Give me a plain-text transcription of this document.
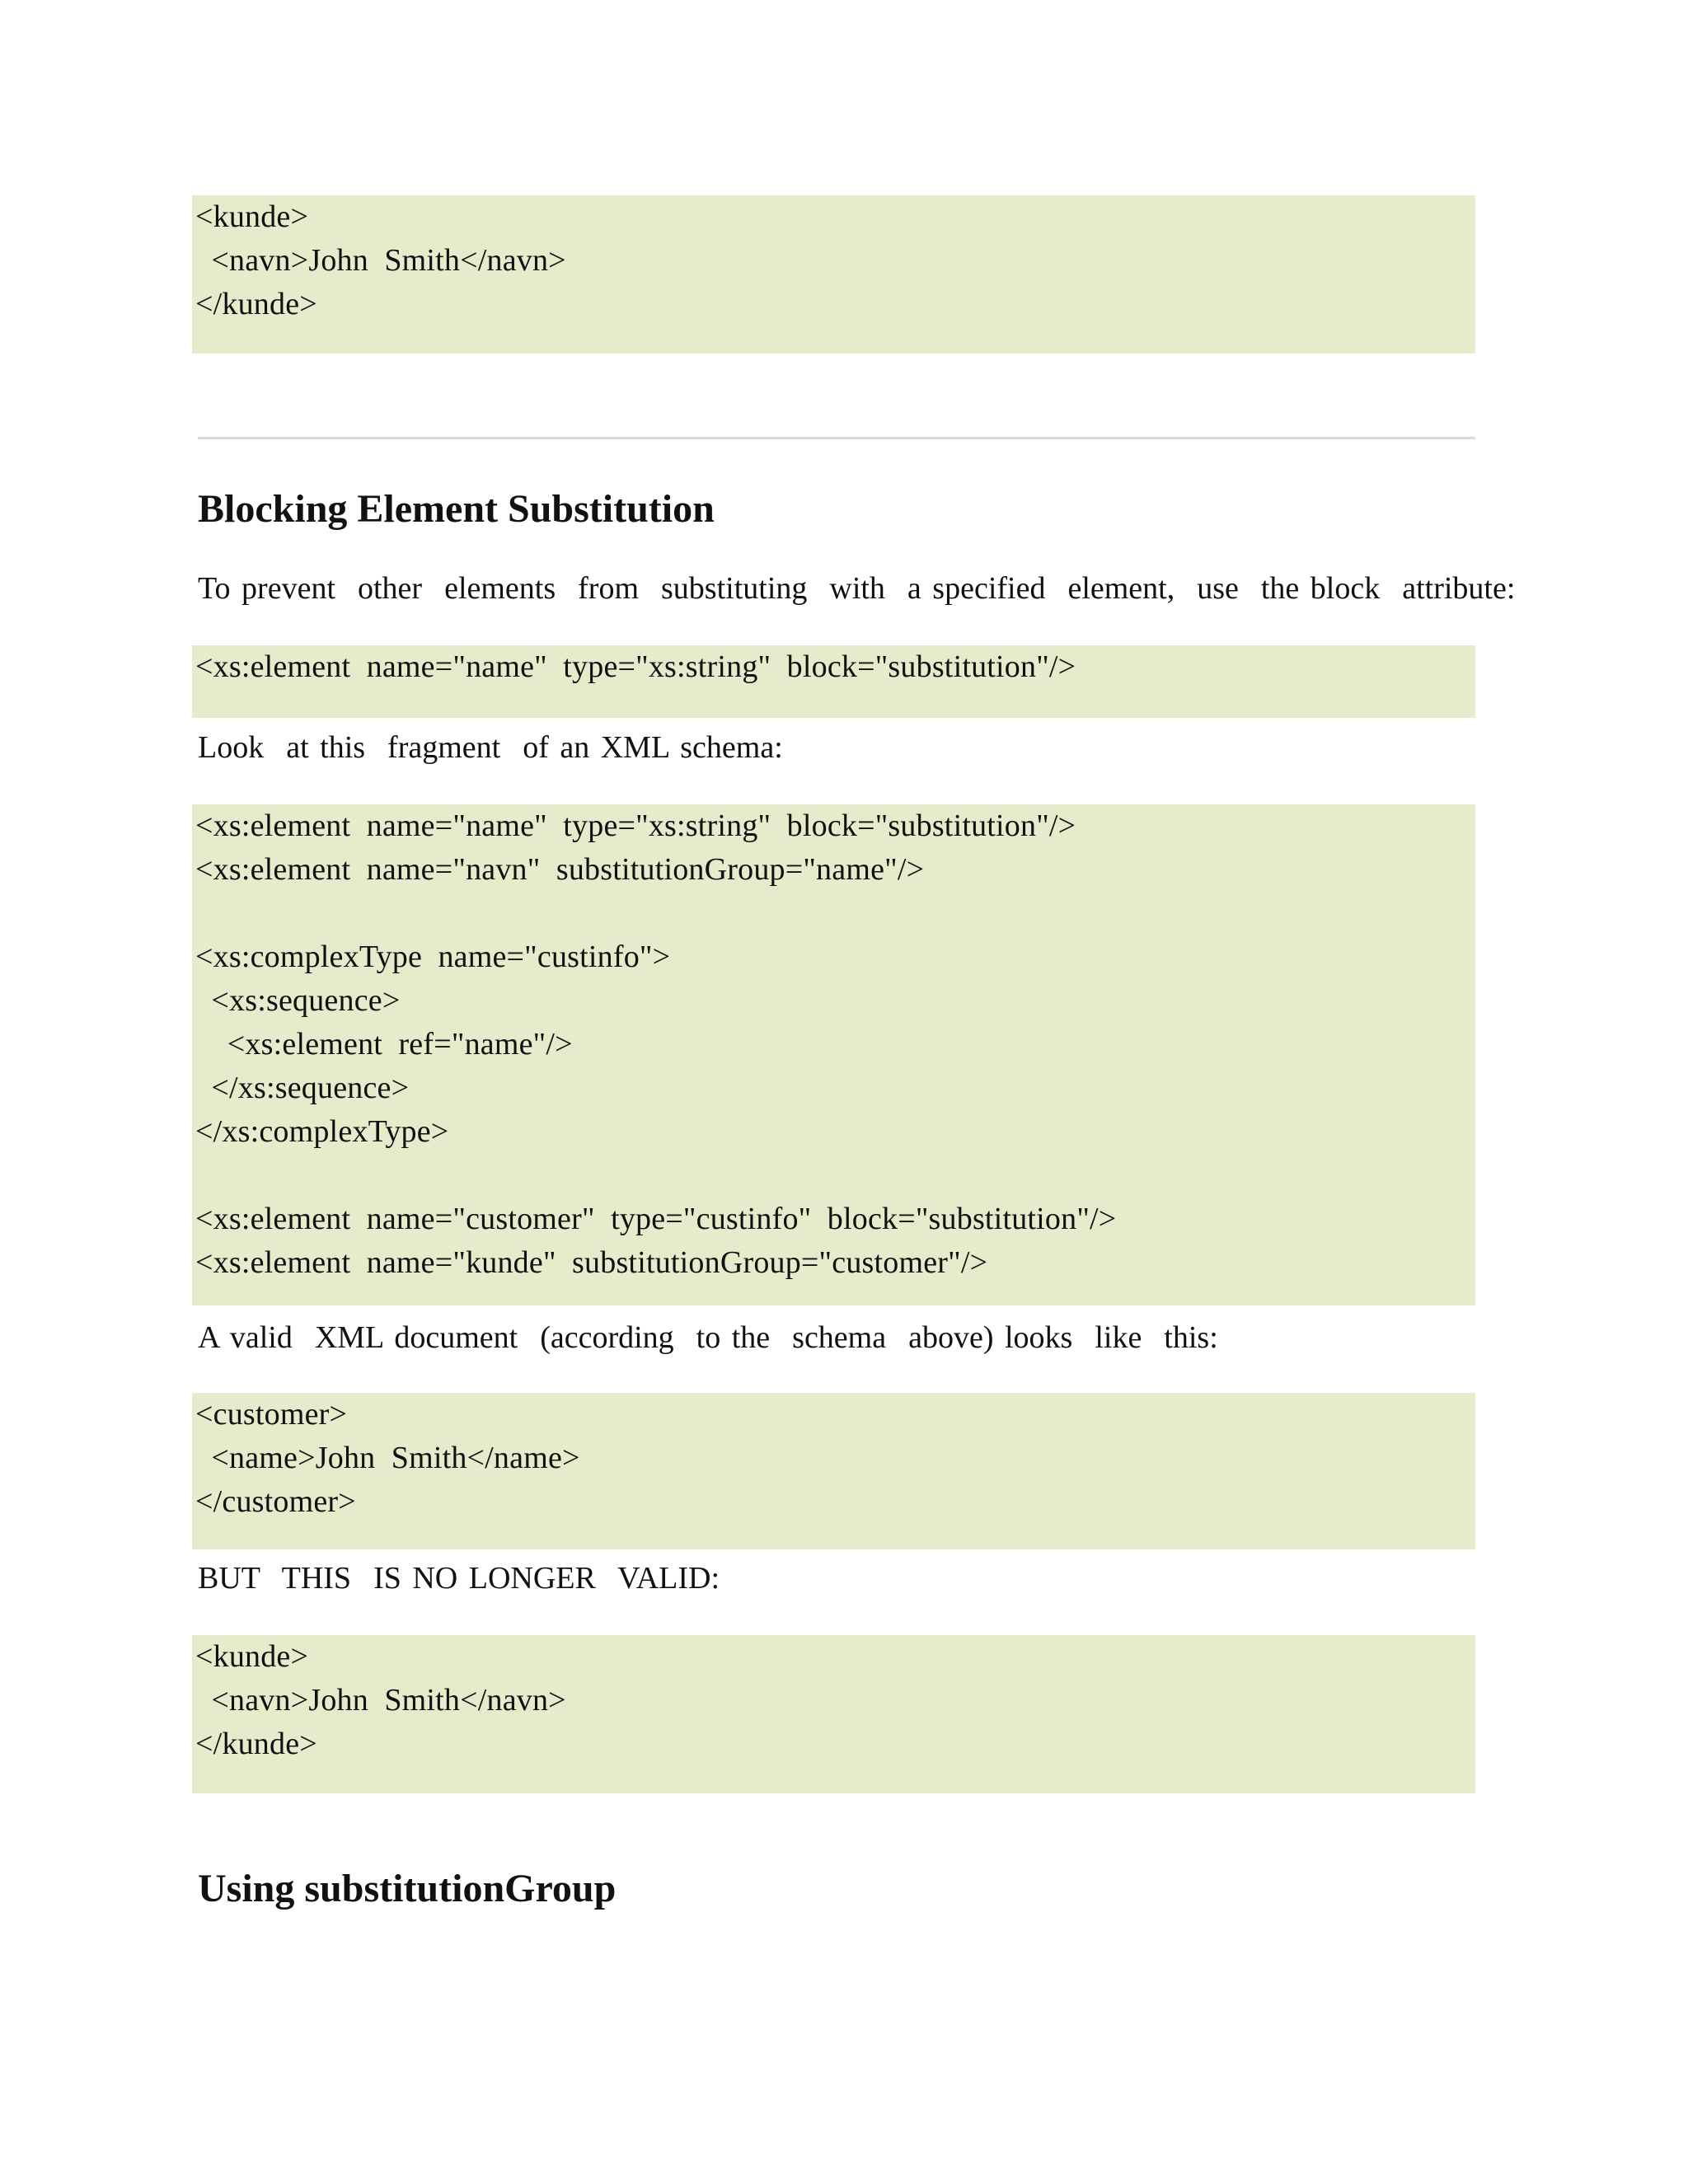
<kunde>
<navn>John  Smith</navn>
</kunde>
Blocking Element Substitution
To prevent  other  elements  from  substituting  with  a specified  element,  use  the block  attribute:
<xs:element  name="name"  type="xs:string"  block="substitution"/>
Look  at this  fragment  of an XML schema:
<xs:element  name="name"  type="xs:string"  block="substitution"/>
<xs:element  name="navn"  substitutionGroup="name"/>
<xs:complexType  name="custinfo">
<xs:sequence>
<xs:element  ref="name"/>
</xs:sequence>
</xs:complexType>
<xs:element  name="customer"  type="custinfo"  block="substitution"/>
<xs:element  name="kunde"  substitutionGroup="customer"/>
A valid  XML document  (according  to the  schema  above) looks  like  this:
<customer>
<name>John  Smith</name>
</customer>
BUT  THIS  IS NO LONGER  VALID:
<kunde>
<navn>John  Smith</navn>
</kunde>
Using substitutionGroup
